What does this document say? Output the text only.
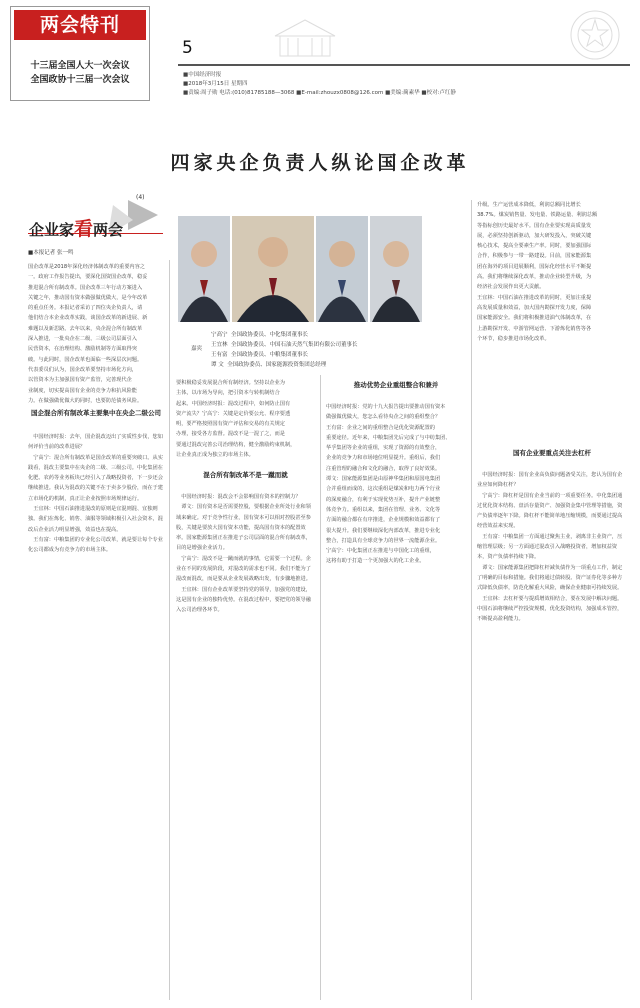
两会特刊
十三届全国人大一次会议
全国政协十三届一次会议
5
■中国经济时报
■2018年3月15日 星期四
■责编:周子勋 电话:(010)81785188—3068 ■E-mail:zhouzx0808@126.com ■美编:蔺素华 ■校对:卢红静
四家央企负责人纵论国企改革
(4)
企业家看两会
■本报记者 张一鸣
嘉宾
宁高宁 全国政协委员、中化集团董事长
王宜林 全国政协委员、中国石油天然气集团有限公司董事长
王有富 全国政协委员、中粮集团董事长
谭 文 全国政协委员、国家能源投资集团总经理
国企改革是2018年深化经济体制改革的重要内容之
一。政府工作报告提出，要深化国资国企改革，稳妥
推进混合所有制改革。国企改革三年行动方案进入
关键之年，推动国有资本做强做优做大，是今年改革
的重点任务。本报记者采访了四位央企负责人，请
他们结合本企业改革实践，谈国企改革的新进展、新
难题以及新思路。去年以来，央企混合所有制改革
深入推进，一批央企在二级、三级公司层面引入
民营资本，在治理结构、激励机制等方面取得突
破。与此同时，国企改革也面临一些深层次问题。
代表委员们认为，国企改革要坚持市场化方向，
以管资本为主加强国有资产监管，完善现代企
业制度，切实提高国有企业的竞争力和抗风险能
力。在做强做优做大的同时，也要防范债务风险。
国企混合所有制改革主要集中在央企二级公司
中国经济时报：去年，国企混改迈出了实质性步伐，您如何评价当前的改革进展？
宁高宁：混合所有制改革是国企改革的重要突破口。从实践看，混改主要集中在央企的二级、三级公司。中化集团在化肥、农药等业务板块已经引入了战略投资者，下一步还会继续推进。我认为混改的关键不在于卖多少股份，而在于建立市场化的机制，真正让企业按照市场规律运行。
王宜林：中国石油推进混改的原则是宜混则混、宜独则独。我们在炼化、销售、油服等领域积极引入社会资本，混改后企业活力明显增强，效益也在提高。
王有富：中粮集团的专业化公司改革，就是要让每个专业化公司都成为有竞争力的市场主体。
要积极稳妥发展混合所有制经济。坚持以企业为
主体，以市场为导向，把引资本与转机制结合
起来。中国经济时报：混改过程中，如何防止国有
资产流失？宁高宁：关键是定价要公允、程序要透
明，要严格按照国有资产评估和交易的有关规定
办理，接受各方监督。混改不是一混了之，而是
要通过混改完善公司治理结构，健全激励约束机制，
让企业真正成为独立的市场主体。
混合所有制改革不是一蹴而就
中国经济时报：混改会不会影响国有资本的控制力？
谭文：国有资本是否需要控股，要根据企业所处行业和领域来确定。对于竞争性行业，国有资本可以相对控股甚至参股，关键是要放大国有资本功能，提高国有资本的配置效率。国家能源集团正在推进子公司层面的混合所有制改革，目的是增强企业活力。
宁高宁：混改不是一蹴而就的事情，它需要一个过程。企业在不同的发展阶段，对混改的需求也不同。我们不能为了混改而混改，而是要从企业发展战略出发，有步骤地推进。
王宜林：国有企业改革要坚持党的领导，加强党的建设，这是国有企业的独特优势。在混改过程中，要把党的领导融入公司治理各环节。
推动优势企业重组整合和兼并
中国经济时报：党的十九大报告提出要推动国有资本
做强做优做大，您怎么看待央企之间的重组整合？
王有富：企业之间的重组整合是优化资源配置的
重要途径。近年来，中粮集团先后完成了与中纺集团、
华孚集团等企业的重组，实现了资源的有效整合，
企业的竞争力和市场地位明显提升。重组后，我们
注重管理的融合和文化的融合，取得了良好效果。
谭文：国家能源集团是由原神华集团和原国电集团
合并重组而成的，这次重组是煤炭和电力两个行业
的深度融合，有利于实现优势互补，提升产业链整
体竞争力。重组以来，集团在管理、业务、文化等
方面的融合都在有序推进，企业规模和效益都有了
很大提升。我们要继续深化内部改革，推进专业化
整合，打造具有全球竞争力的世界一流能源企业。
宁高宁：中化集团正在推进与中国化工的重组，
这将有助于打造一个更加强大的化工企业。
升级。生产运营成本降低，利润总额同比增长
38.7%。煤炭销售量、发电量、铁路运量、利润总额
等指标创历史最好水平。国有企业要实现高质量发
展，必须坚持创新驱动，加大研发投入，突破关键
核心技术，提高全要素生产率。同时，要加强国际
合作，积极参与一带一路建设。目前，国家能源集
团在海外的项目进展顺利，国际化经营水平不断提
高。我们将继续深化改革，推动企业转型升级，为
经济社会发展作出更大贡献。
王宜林：中国石油在推进改革的同时，更加注重提
高发展质量和效益，加大国内勘探开发力度，保障
国家能源安全。我们将积极推进油气体制改革，在
上游勘探开发、中游管网运营、下游炼化销售等各
个环节，稳步推进市场化改革。
国有企业要重点关注去杠杆
中国经济时报：国有企业高负债问题备受关注，您认为国有企业应如何降杠杆？
宁高宁：降杠杆是国有企业当前的一项重要任务。中化集团通过优化资本结构、盘活存量资产、加强资金集中管理等措施，资产负债率逐年下降。降杠杆不能简单地压缩规模，而要通过提高经营效益来实现。
王有富：中粮集团一方面通过聚焦主业，剥离非主业资产，压缩管理层级；另一方面通过混改引入战略投资者，增加权益资本，资产负债率持续下降。
谭文：国家能源集团把降杠杆减负债作为一项重点工作，制定了明确的目标和措施。我们将通过债转股、资产证券化等多种方式降低负债率，防范化解重大风险，确保企业健康可持续发展。
王宜林：去杠杆要与提质增效相结合，要在发展中解决问题。中国石油将继续严控投资规模，优化投资结构，加强成本管控，不断提高盈利能力。
